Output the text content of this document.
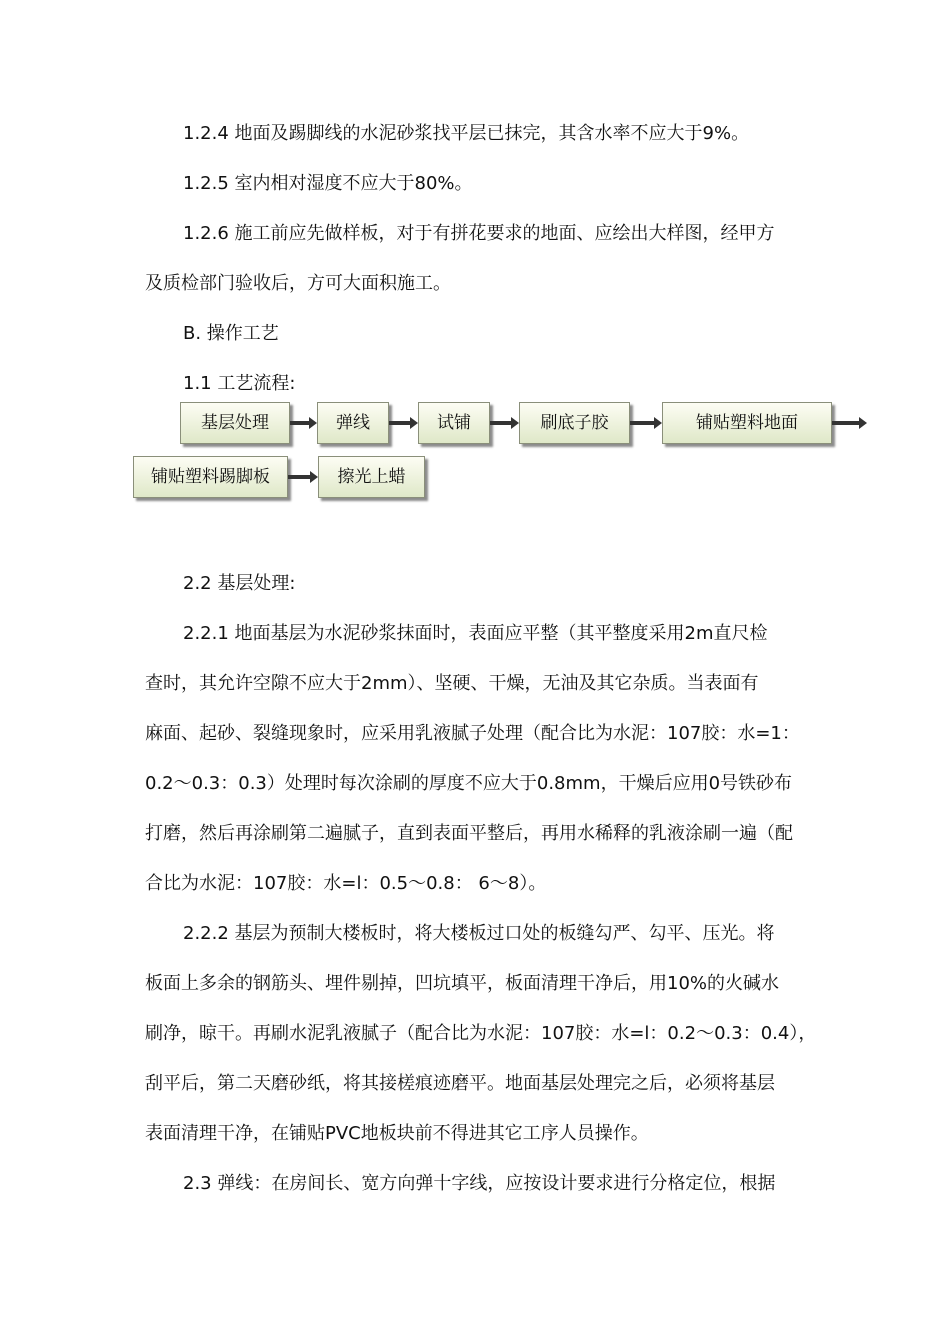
1.2.4 地面及踢脚线的水泥砂浆找平层已抹完，其含水率不应大于9%。
1.2.5 室内相对湿度不应大于80%。
1.2.6 施工前应先做样板，对于有拼花要求的地面、应绘出大样图，经甲方
及质检部门验收后，方可大面积施工。
B. 操作工艺
1.1 工艺流程:
基层处理	弹线	试铺	刷底子胶	铺贴塑料地面
铺贴塑料踢脚板	擦光上蜡
2.2 基层处理:
2.2.1 地面基层为水泥砂浆抹面时，表面应平整（其平整度采用2m直尺检
查时，其允许空隙不应大于2mm）、坚硬、干燥，无油及其它杂质。当表面有
麻面、起砂、裂缝现象时，应采用乳液腻子处理（配合比为水泥：107胶：水=1：
0.2～0.3：0.3）处理时每次涂刷的厚度不应大于0.8mm，干燥后应用0号铁砂布
打磨，然后再涂刷第二遍腻子，直到表面平整后，再用水稀释的乳液涂刷一遍（配
合比为水泥：107胶：水=l：0.5～0.8： 6～8）。
2.2.2 基层为预制大楼板时，将大楼板过口处的板缝勾严、勾平、压光。将
板面上多余的钢筋头、埋件剔掉，凹坑填平，板面清理干净后，用10%的火碱水
刷净，晾干。再刷水泥乳液腻子（配合比为水泥：107胶：水=l：0.2～0.3：0.4），
刮平后，第二天磨砂纸，将其接槎痕迹磨平。地面基层处理完之后，必须将基层
表面清理干净，在铺贴PVC地板块前不得进其它工序人员操作。
2.3 弹线：在房间长、宽方向弹十字线，应按设计要求进行分格定位，根据
